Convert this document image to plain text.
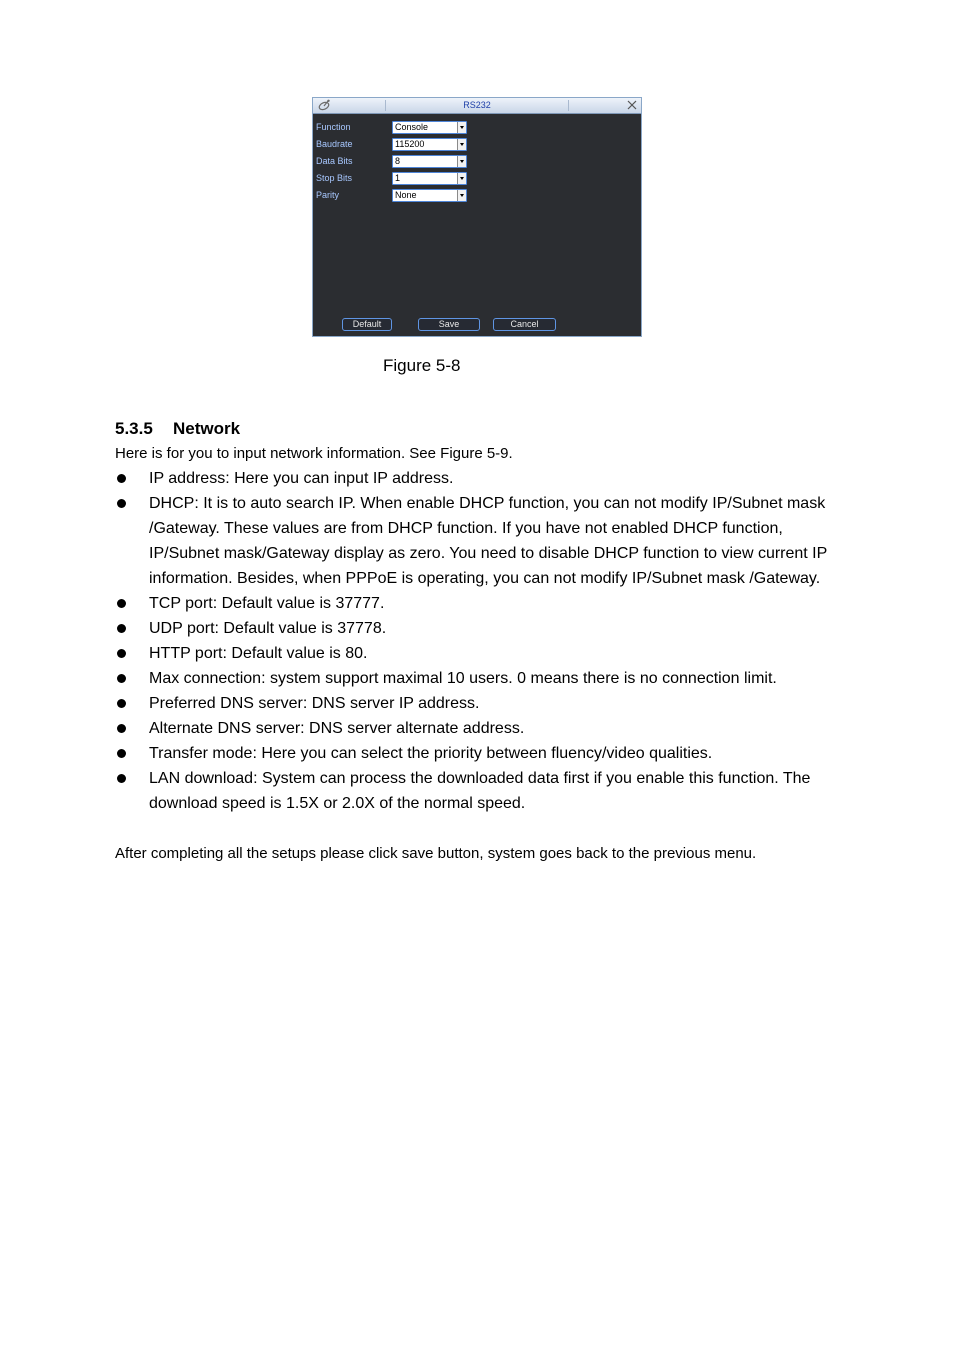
RS232
Function	Console
Baudrate	115200
Data Bits	8
Stop Bits	1
Parity	None
Default	Save	Cancel
Figure 5-8
5.3.5 Network
Here is for you to input network information. See Figure 5-9.
IP address: Here you can input IP address.
DHCP: It is to auto search IP. When enable DHCP function, you can not modify IP/Subnet mask /Gateway. These values are from DHCP function. If you have not enabled DHCP function, IP/Subnet mask/Gateway display as zero. You need to disable DHCP function to view current IP information. Besides, when PPPoE is operating, you can not modify IP/Subnet mask /Gateway.
TCP port: Default value is 37777.
UDP port: Default value is 37778.
HTTP port: Default value is 80.
Max connection: system support maximal 10 users. 0 means there is no connection limit.
Preferred DNS server: DNS server IP address.
Alternate DNS server: DNS server alternate address.
Transfer mode: Here you can select the priority between fluency/video qualities.
LAN download: System can process the downloaded data first if you enable this function. The download speed is 1.5X or 2.0X of the normal speed.
After completing all the setups please click save button, system goes back to the previous menu.
